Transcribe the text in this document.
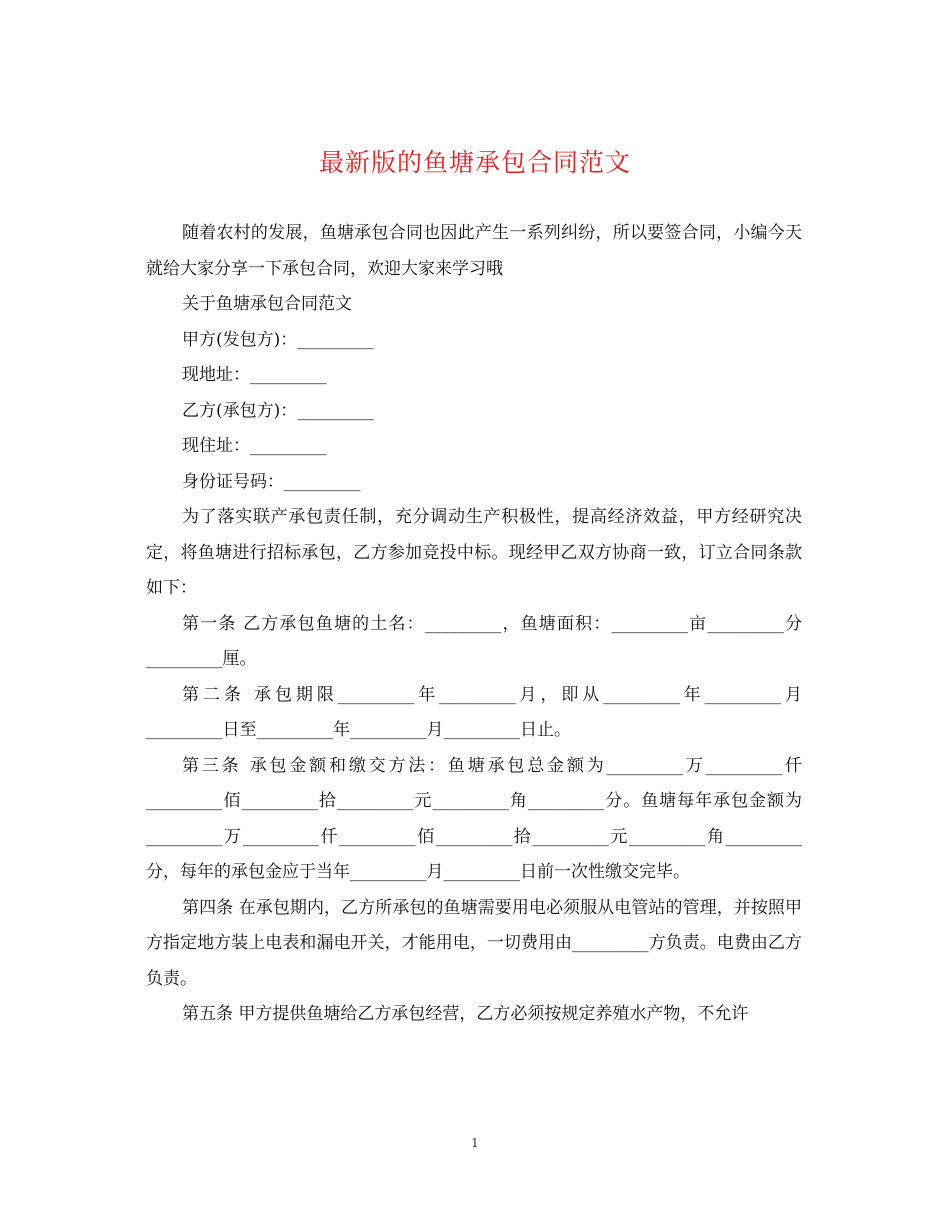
最新版的鱼塘承包合同范文

随着农村的发展，鱼塘承包合同也因此产生一系列纠纷，所以要签合同，小编今天就给大家分享一下承包合同，欢迎大家来学习哦

关于鱼塘承包合同范文

甲方(发包方)：_________

现地址：_________

乙方(承包方)：_________

现住址：_________

身份证号码：_________

为了落实联产承包责任制，充分调动生产积极性，提高经济效益，甲方经研究决定，将鱼塘进行招标承包，乙方参加竞投中标。现经甲乙双方协商一致，订立合同条款如下：

第一条 乙方承包鱼塘的土名：_________，鱼塘面积：_________亩_________分_________厘。

第二条 承包期限_________年_________月，即从_________年_________月_________日至_________年_________月_________日止。

第三条 承包金额和缴交方法：鱼塘承包总金额为_________万_________仟_________佰_________拾_________元_________角_________分。鱼塘每年承包金额为_________万_________仟_________佰_________拾_________元_________角_________分，每年的承包金应于当年_________月_________日前一次性缴交完毕。

第四条 在承包期内，乙方所承包的鱼塘需要用电必须服从电管站的管理，并按照甲方指定地方装上电表和漏电开关，才能用电，一切费用由_________方负责。电费由乙方负责。

第五条 甲方提供鱼塘给乙方承包经营，乙方必须按规定养殖水产物，不允许

1
